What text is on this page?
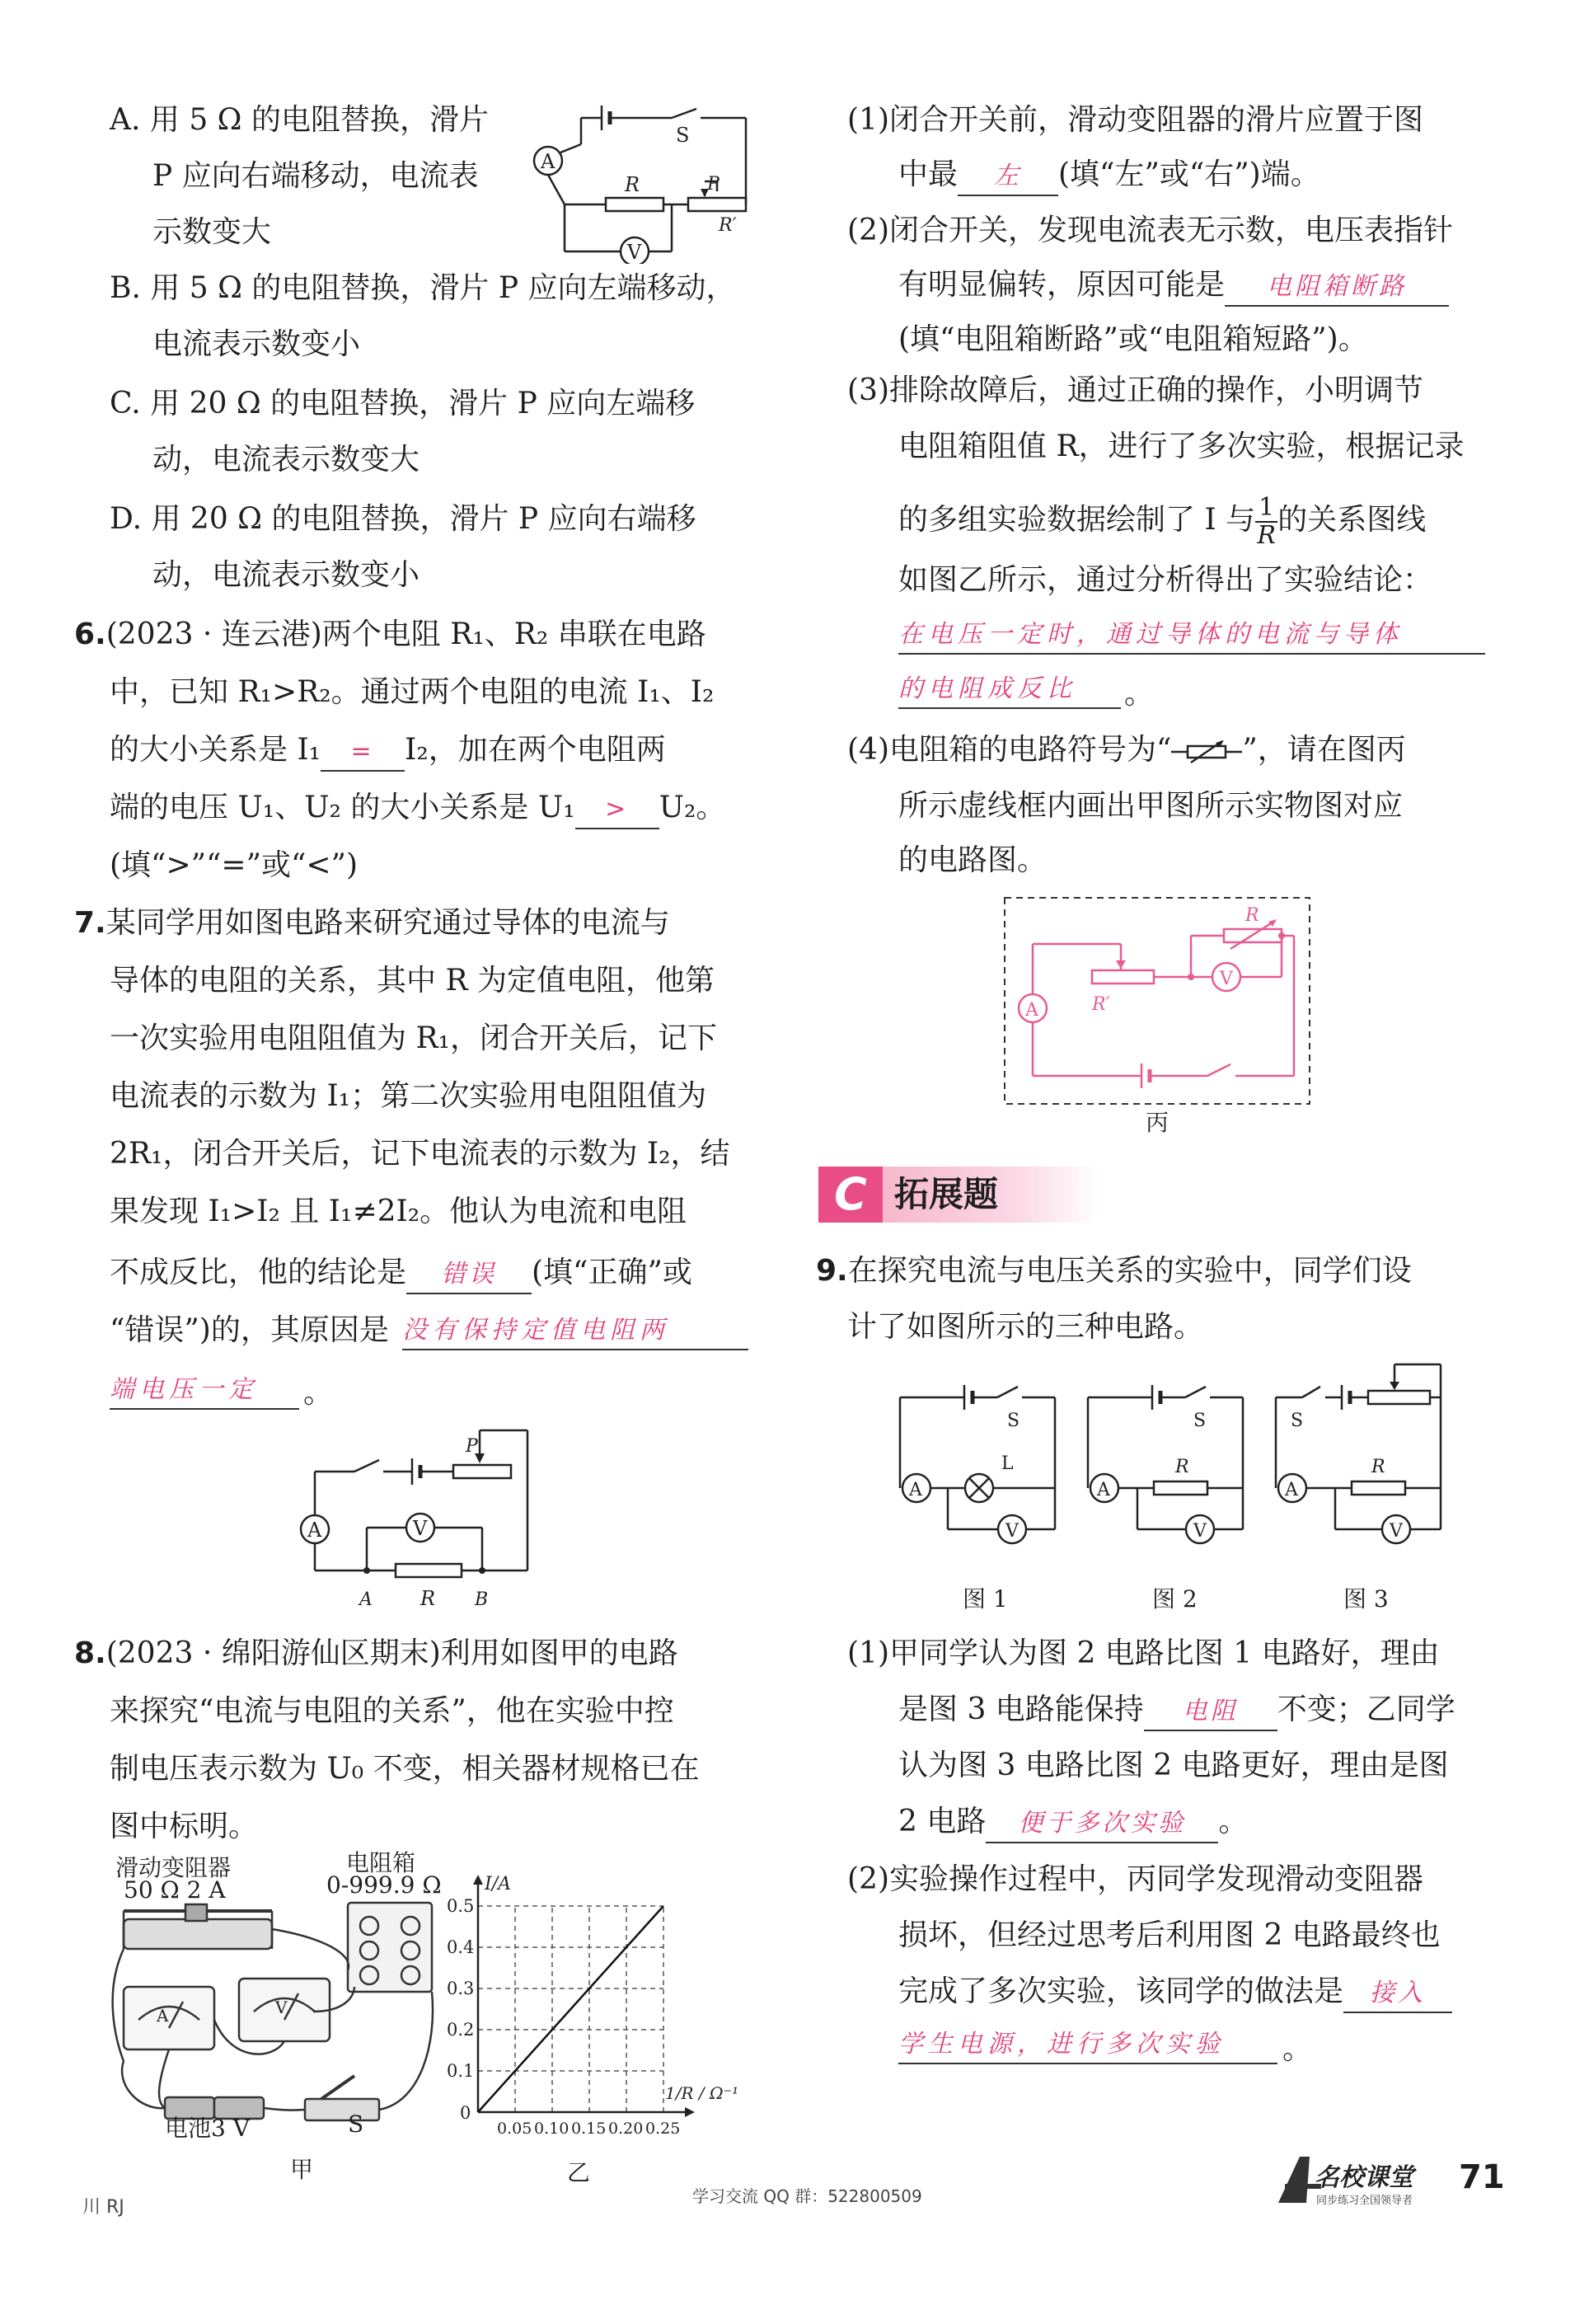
A. 用 5 Ω 的电阻替换，滑片
P 应向右端移动，电流表
示数变大
S
A
R	P
R′
V
B. 用 5 Ω 的电阻替换，滑片 P 应向左端移动，
电流表示数变小
C. 用 20 Ω 的电阻替换，滑片 P 应向左端移
动，电流表示数变大
D. 用 20 Ω 的电阻替换，滑片 P 应向右端移
动，电流表示数变小
6.(2023 · 连云港)两个电阻 R₁、R₂ 串联在电路
中，已知 R₁>R₂。通过两个电阻的电流 I₁、I₂
的大小关系是 I₁ = I₂，加在两个电阻两
端的电压 U₁、U₂ 的大小关系是 U₁ > U₂。
(填“>”“=”或“<”)
7.某同学用如图电路来研究通过导体的电流与
导体的电阻的关系，其中 R 为定值电阻，他第
一次实验用电阻阻值为 R₁，闭合开关后，记下
电流表的示数为 I₁；第二次实验用电阻阻值为
2R₁，闭合开关后，记下电流表的示数为 I₂，结
果发现 I₁>I₂ 且 I₁≠2I₂。他认为电流和电阻
不成反比，他的结论是 错误 (填“正确”或
“错误”)的，其原因是 没有保持定值电阻两
端电压一定	。
P
A	V
A R B
8.(2023 · 绵阳游仙区期末)利用如图甲的电路
来探究“电流与电阻的关系”，他在实验中控
制电压表示数为 U₀ 不变，相关器材规格已在
图中标明。
滑动变阻器
50 Ω 2 A
电阻箱
0-999.9 Ω
A	V
电池3 V	S
甲
0.05 0.10 0.15 0.20 0.25
0.1
0.2
0.3
0.4
0.5
0
I/A
1/R / Ω⁻¹
乙
(1)闭合开关前，滑动变阻器的滑片应置于图
中最 左 (填“左”或“右”)端。
(2)闭合开关，发现电流表无示数，电压表指针
有明显偏转，原因可能是 电阻箱断路
(填“电阻箱断路”或“电阻箱短路”)。
(3)排除故障后，通过正确的操作，小明调节
电阻箱阻值 R，进行了多次实验，根据记录
的多组实验数据绘制了 I 与 $\frac{1}{R}$ 的关系图线
如图乙所示，通过分析得出了实验结论：
在电压一定时，通过导体的电流与导体
的电阻成反比	。
(4)电阻箱的电路符号为“ ”，请在图丙
所示虚线框内画出甲图所示实物图对应
的电路图。
R
A
V
R′
丙
C 拓展题
9.在探究电流与电压关系的实验中，同学们设
计了如图所示的三种电路。
S
L
A
V
S
R
A
V
S
R
A
V
图 1	图 2	图 3
(1)甲同学认为图 2 电路比图 1 电路好，理由
是图 3 电路能保持 电阻 不变；乙同学
认为图 3 电路比图 2 电路更好，理由是图
2 电路 便于多次实验 。
(2)实验操作过程中，丙同学发现滑动变阻器
损坏，但经过思考后利用图 2 电路最终也
完成了多次实验，该同学的做法是 接入
学生电源，进行多次实验	。
川 RJ
学习交流 QQ 群：522800509
名校课堂
同步练习全国领导者
71
